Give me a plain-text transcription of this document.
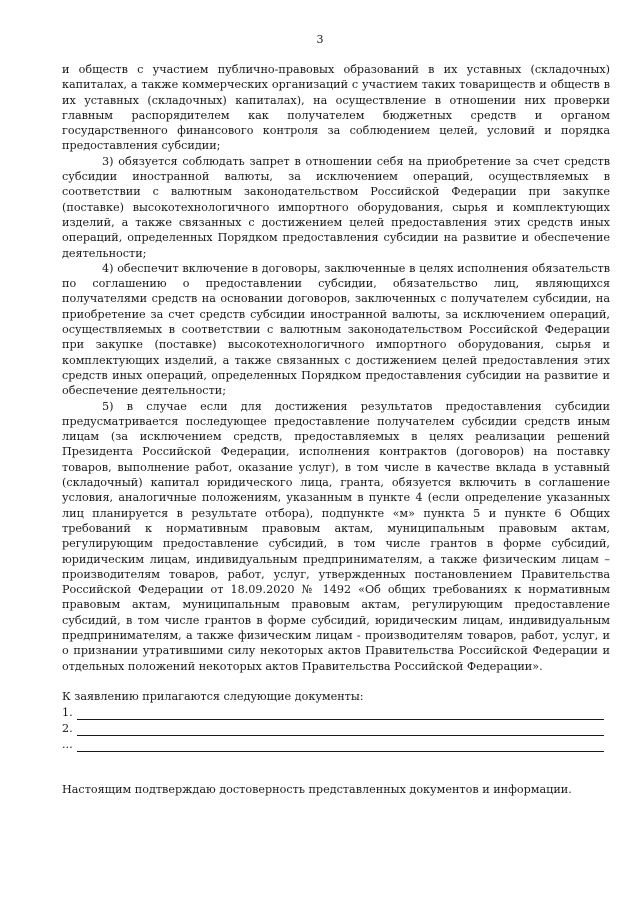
3

и обществ с участием публично-правовых образований в их уставных (складочных) капиталах, а также коммерческих организаций с участием таких товариществ и обществ в их уставных (складочных) капиталах), на осуществление в отношении них проверки главным распорядителем как получателем бюджетных средств и органом государственного финансового контроля за соблюдением целей, условий и порядка предоставления субсидии;

3) обязуется соблюдать запрет в отношении себя на приобретение за счет средств субсидии иностранной валюты, за исключением операций, осуществляемых в соответствии с валютным законодательством Российской Федерации при закупке (поставке) высокотехнологичного импортного оборудования, сырья и комплектующих изделий, а также связанных с достижением целей предоставления этих средств иных операций, определенных Порядком предоставления субсидии на развитие и обеспечение деятельности;

4) обеспечит включение в договоры, заключенные в целях исполнения обязательств по соглашению о предоставлении субсидии, обязательство лиц, являющихся получателями средств на основании договоров, заключенных с получателем субсидии, на приобретение за счет средств субсидии иностранной валюты, за исключением операций, осуществляемых в соответствии с валютным законодательством Российской Федерации при закупке (поставке) высокотехнологичного импортного оборудования, сырья и комплектующих изделий, а также связанных с достижением целей предоставления этих средств иных операций, определенных Порядком предоставления субсидии на развитие и обеспечение деятельности;

5) в случае если для достижения результатов предоставления субсидии предусматривается последующее предоставление получателем субсидии средств иным лицам (за исключением средств, предоставляемых в целях реализации решений Президента Российской Федерации, исполнения контрактов (договоров) на поставку товаров, выполнение работ, оказание услуг), в том числе в качестве вклада в уставный (складочный) капитал юридического лица, гранта, обязуется включить в соглашение условия, аналогичные положениям, указанным в пункте 4 (если определение указанных лиц планируется в результате отбора), подпункте «м» пункта 5 и пункте 6 Общих требований к нормативным правовым актам, муниципальным правовым актам, регулирующим предоставление субсидий, в том числе грантов в форме субсидий, юридическим лицам, индивидуальным предпринимателям, а также физическим лицам – производителям товаров, работ, услуг, утвержденных постановлением Правительства Российской Федерации от 18.09.2020 № 1492 «Об общих требованиях к нормативным правовым актам, муниципальным правовым актам, регулирующим предоставление субсидий, в том числе грантов в форме субсидий, юридическим лицам, индивидуальным предпринимателям, а также физическим лицам - производителям товаров, работ, услуг, и о признании утратившими силу некоторых актов Правительства Российской Федерации и отдельных положений некоторых актов Правительства Российской Федерации».

К заявлению прилагаются следующие документы:
1.
2.
...

Настоящим подтверждаю достоверность представленных документов и информации.
